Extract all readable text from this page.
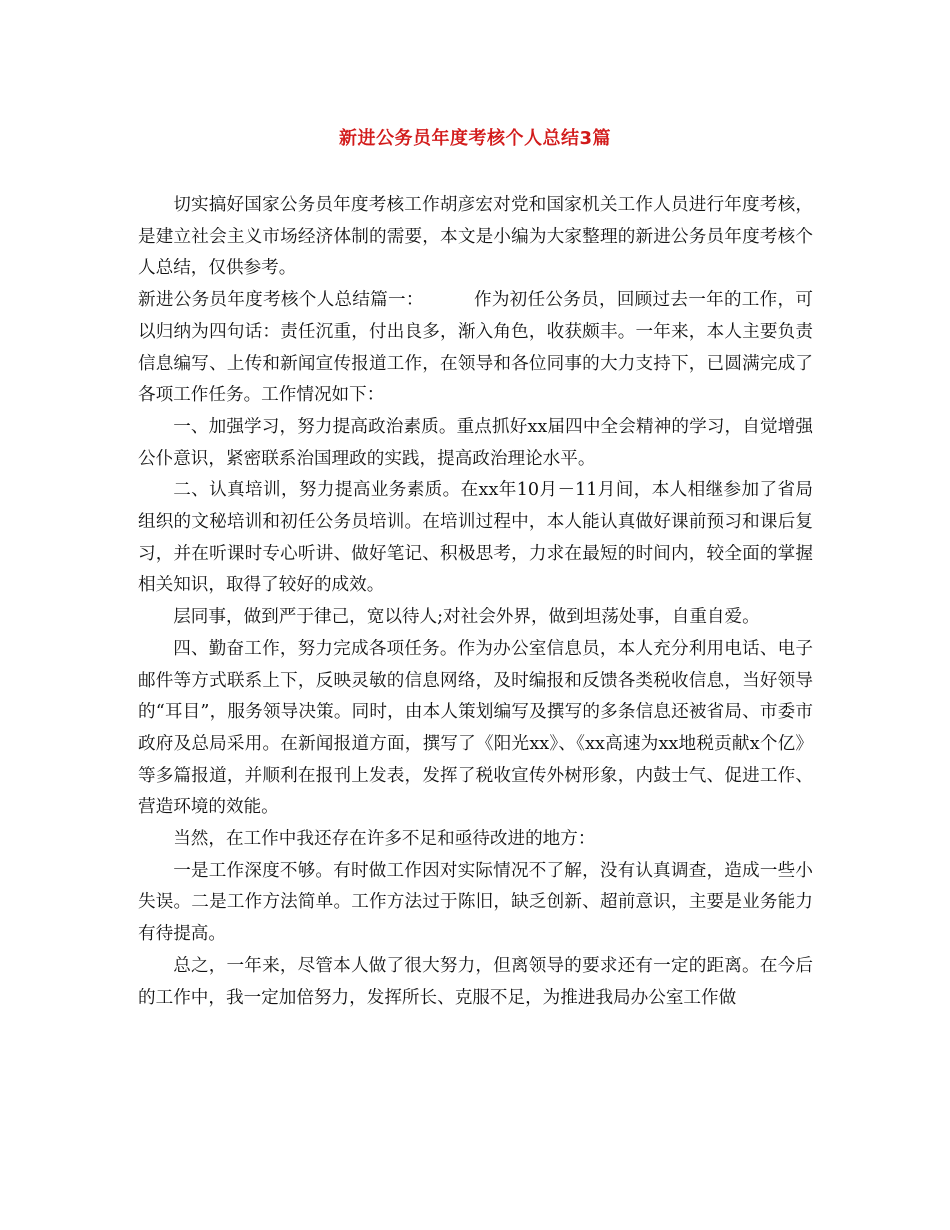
新进公务员年度考核个人总结3篇

切实搞好国家公务员年度考核工作胡彦宏对党和国家机关工作人员进行年度考核，是建立社会主义市场经济体制的需要，本文是小编为大家整理的新进公务员年度考核个人总结，仅供参考。

新进公务员年度考核个人总结篇一：	作为初任公务员，回顾过去一年的工作，可以归纳为四句话：责任沉重，付出良多，渐入角色，收获颇丰。一年来，本人主要负责信息编写、上传和新闻宣传报道工作，在领导和各位同事的大力支持下，已圆满完成了各项工作任务。工作情况如下：

一、加强学习，努力提高政治素质。重点抓好xx届四中全会精神的学习，自觉增强公仆意识，紧密联系治国理政的实践，提高政治理论水平。

二、认真培训，努力提高业务素质。在xx年10月－11月间，本人相继参加了省局组织的文秘培训和初任公务员培训。在培训过程中，本人能认真做好课前预习和课后复习，并在听课时专心听讲、做好笔记、积极思考，力求在最短的时间内，较全面的掌握相关知识，取得了较好的成效。

层同事，做到严于律己，宽以待人;对社会外界，做到坦荡处事，自重自爱。

四、勤奋工作，努力完成各项任务。作为办公室信息员，本人充分利用电话、电子邮件等方式联系上下，反映灵敏的信息网络，及时编报和反馈各类税收信息，当好领导的“耳目”，服务领导决策。同时，由本人策划编写及撰写的多条信息还被省局、市委市政府及总局采用。在新闻报道方面，撰写了《阳光xx》、《xx高速为xx地税贡献x个亿》等多篇报道，并顺利在报刊上发表，发挥了税收宣传外树形象，内鼓士气、促进工作、营造环境的效能。

当然，在工作中我还存在许多不足和亟待改进的地方：

一是工作深度不够。有时做工作因对实际情况不了解，没有认真调查，造成一些小失误。二是工作方法简单。工作方法过于陈旧，缺乏创新、超前意识，主要是业务能力有待提高。

总之，一年来，尽管本人做了很大努力，但离领导的要求还有一定的距离。在今后的工作中，我一定加倍努力，发挥所长、克服不足，为推进我局办公室工作做
